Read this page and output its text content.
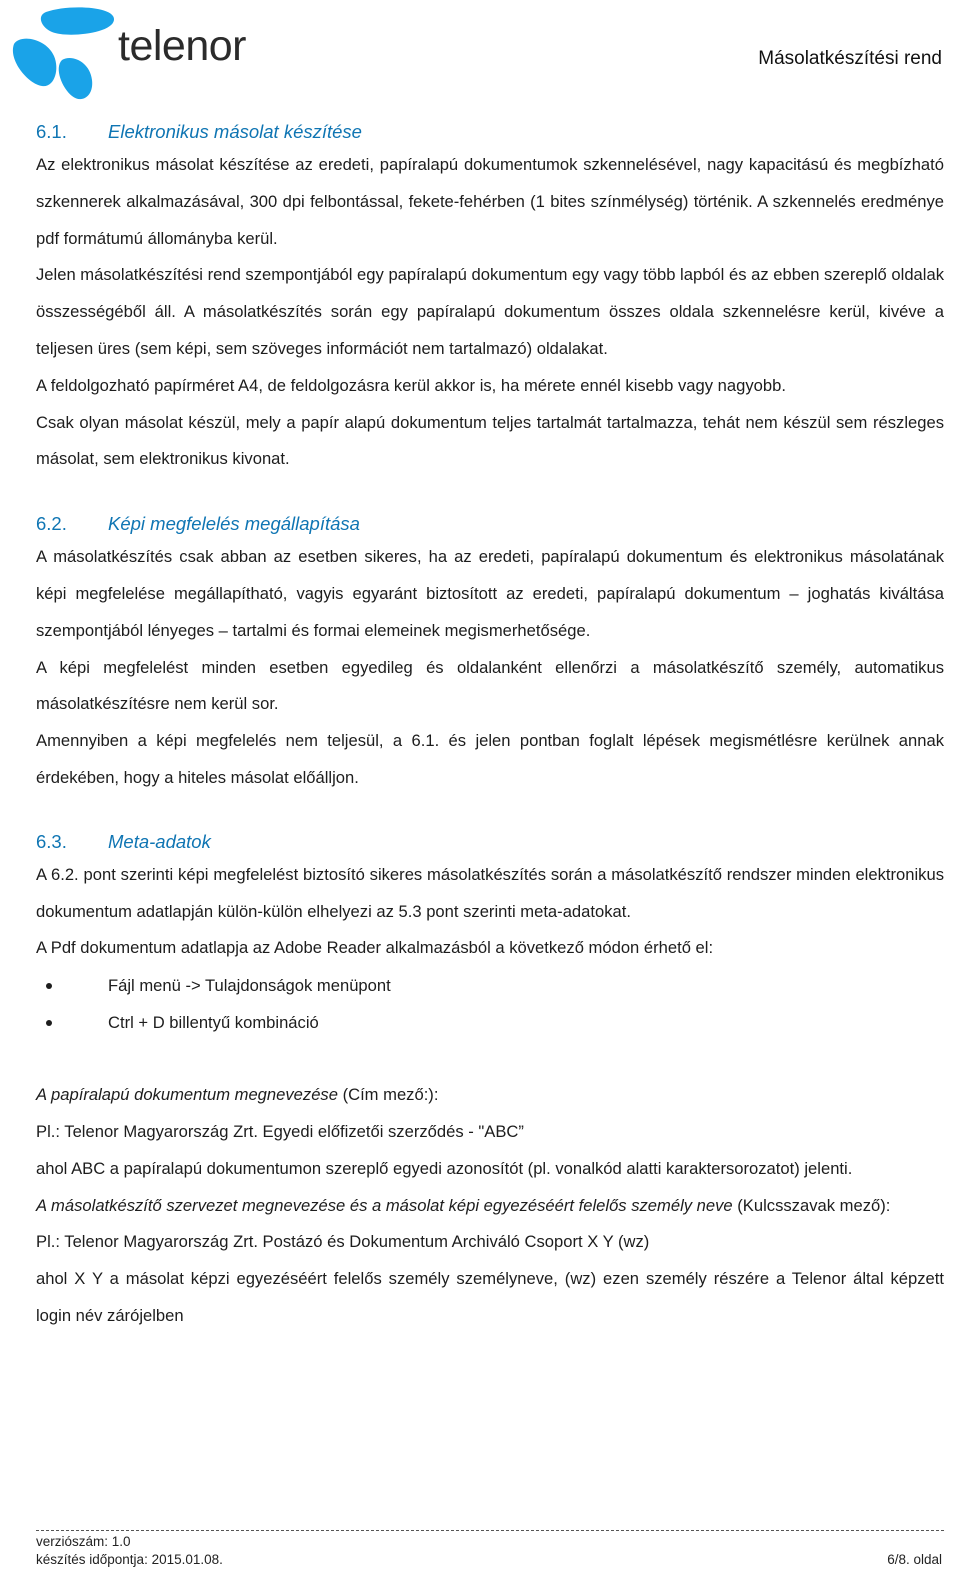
telenor	Másolatkészítési rend
6.1.	Elektronikus másolat készítése

Az elektronikus másolat készítése az eredeti, papíralapú dokumentumok szkennelésével, nagy kapacitású és megbízható szkennerek alkalmazásával, 300 dpi felbontással, fekete-fehérben (1 bites színmélység) történik. A szkennelés eredménye pdf formátumú állományba kerül.

Jelen másolatkészítési rend szempontjából egy papíralapú dokumentum egy vagy több lapból és az ebben szereplő oldalak összességéből áll. A másolatkészítés során egy papíralapú dokumentum összes oldala szkennelésre kerül, kivéve a teljesen üres (sem képi, sem szöveges információt nem tartalmazó) oldalakat.

A feldolgozható papírméret A4, de feldolgozásra kerül akkor is, ha mérete ennél kisebb vagy nagyobb.

Csak olyan másolat készül, mely a papír alapú dokumentum teljes tartalmát tartalmazza, tehát nem készül sem részleges másolat, sem elektronikus kivonat.

6.2.	Képi megfelelés megállapítása

A másolatkészítés csak abban az esetben sikeres, ha az eredeti, papíralapú dokumentum és elektronikus másolatának képi megfelelése megállapítható, vagyis egyaránt biztosított az eredeti, papíralapú dokumentum – joghatás kiváltása szempontjából lényeges – tartalmi és formai elemeinek megismerhetősége.

A képi megfelelést minden esetben egyedileg és oldalanként ellenőrzi a másolatkészítő személy, automatikus másolatkészítésre nem kerül sor.

Amennyiben a képi megfelelés nem teljesül, a 6.1. és jelen pontban foglalt lépések megismétlésre kerülnek annak érdekében, hogy a hiteles másolat előálljon.

6.3.	Meta-adatok

A 6.2. pont szerinti képi megfelelést biztosító sikeres másolatkészítés során a másolatkészítő rendszer minden elektronikus dokumentum adatlapján külön-külön elhelyezi az 5.3 pont szerinti meta-adatokat.

A Pdf dokumentum adatlapja az Adobe Reader alkalmazásból a következő módon érhető el:

Fájl menü -> Tulajdonságok menüpont
Ctrl + D billentyű kombináció

A papíralapú dokumentum megnevezése (Cím mező:):

Pl.: Telenor Magyarország Zrt. Egyedi előfizetői szerződés - "ABC”

ahol ABC a papíralapú dokumentumon szereplő egyedi azonosítót (pl. vonalkód alatti karaktersorozatot) jelenti.

A másolatkészítő szervezet megnevezése és a másolat képi egyezéséért felelős személy neve (Kulcsszavak mező):

Pl.: Telenor Magyarország Zrt. Postázó és Dokumentum Archiváló Csoport X Y (wz)

ahol X Y a másolat képzi egyezéséért felelős személy személyneve, (wz) ezen személy részére a Telenor által képzett login név zárójelben

verziószám: 1.0
készítés időpontja: 2015.01.08.	6/8. oldal
